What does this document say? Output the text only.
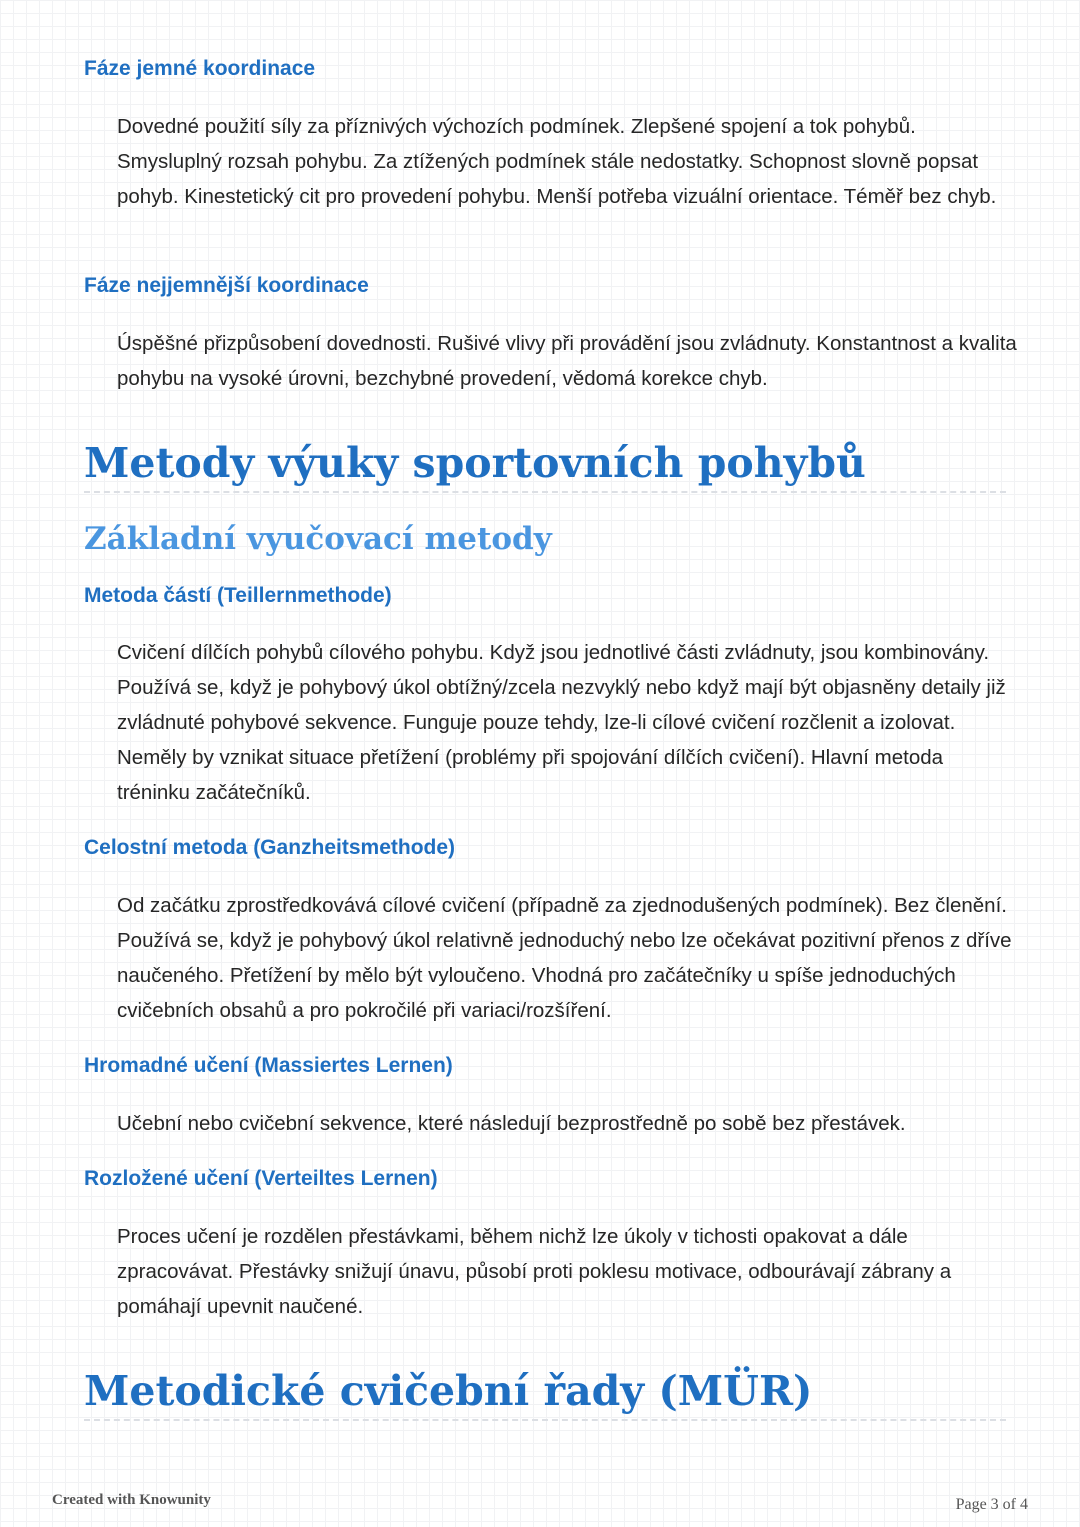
Fáze jemné koordinace

Dovedné použití síly za příznivých výchozích podmínek. Zlepšené spojení a tok pohybů. Smysluplný rozsah pohybu. Za ztížených podmínek stále nedostatky. Schopnost slovně popsat pohyb. Kinestetický cit pro provedení pohybu. Menší potřeba vizuální orientace. Téměř bez chyb.

Fáze nejjemnější koordinace

Úspěšné přizpůsobení dovednosti. Rušivé vlivy při provádění jsou zvládnuty. Konstantnost a kvalita pohybu na vysoké úrovni, bezchybné provedení, vědomá korekce chyb.

Metody výuky sportovních pohybů
Základní vyučovací metody
Metoda částí (Teillernmethode)

Cvičení dílčích pohybů cílového pohybu. Když jsou jednotlivé části zvládnuty, jsou kombinovány. Používá se, když je pohybový úkol obtížný/zcela nezvyklý nebo když mají být objasněny detaily již zvládnuté pohybové sekvence. Funguje pouze tehdy, lze-li cílové cvičení rozčlenit a izolovat. Neměly by vznikat situace přetížení (problémy při spojování dílčích cvičení). Hlavní metoda tréninku začátečníků.

Celostní metoda (Ganzheitsmethode)

Od začátku zprostředkovává cílové cvičení (případně za zjednodušených podmínek). Bez členění. Používá se, když je pohybový úkol relativně jednoduchý nebo lze očekávat pozitivní přenos z dříve naučeného. Přetížení by mělo být vyloučeno. Vhodná pro začátečníky u spíše jednoduchých cvičebních obsahů a pro pokročilé při variaci/rozšíření.

Hromadné učení (Massiertes Lernen)

Učební nebo cvičební sekvence, které následují bezprostředně po sobě bez přestávek.

Rozložené učení (Verteiltes Lernen)

Proces učení je rozdělen přestávkami, během nichž lze úkoly v tichosti opakovat a dále zpracovávat. Přestávky snižují únavu, působí proti poklesu motivace, odbourávají zábrany a pomáhají upevnit naučené.

Metodické cvičební řady (MÜR)
Created with Knowunity	Page 3 of 4
